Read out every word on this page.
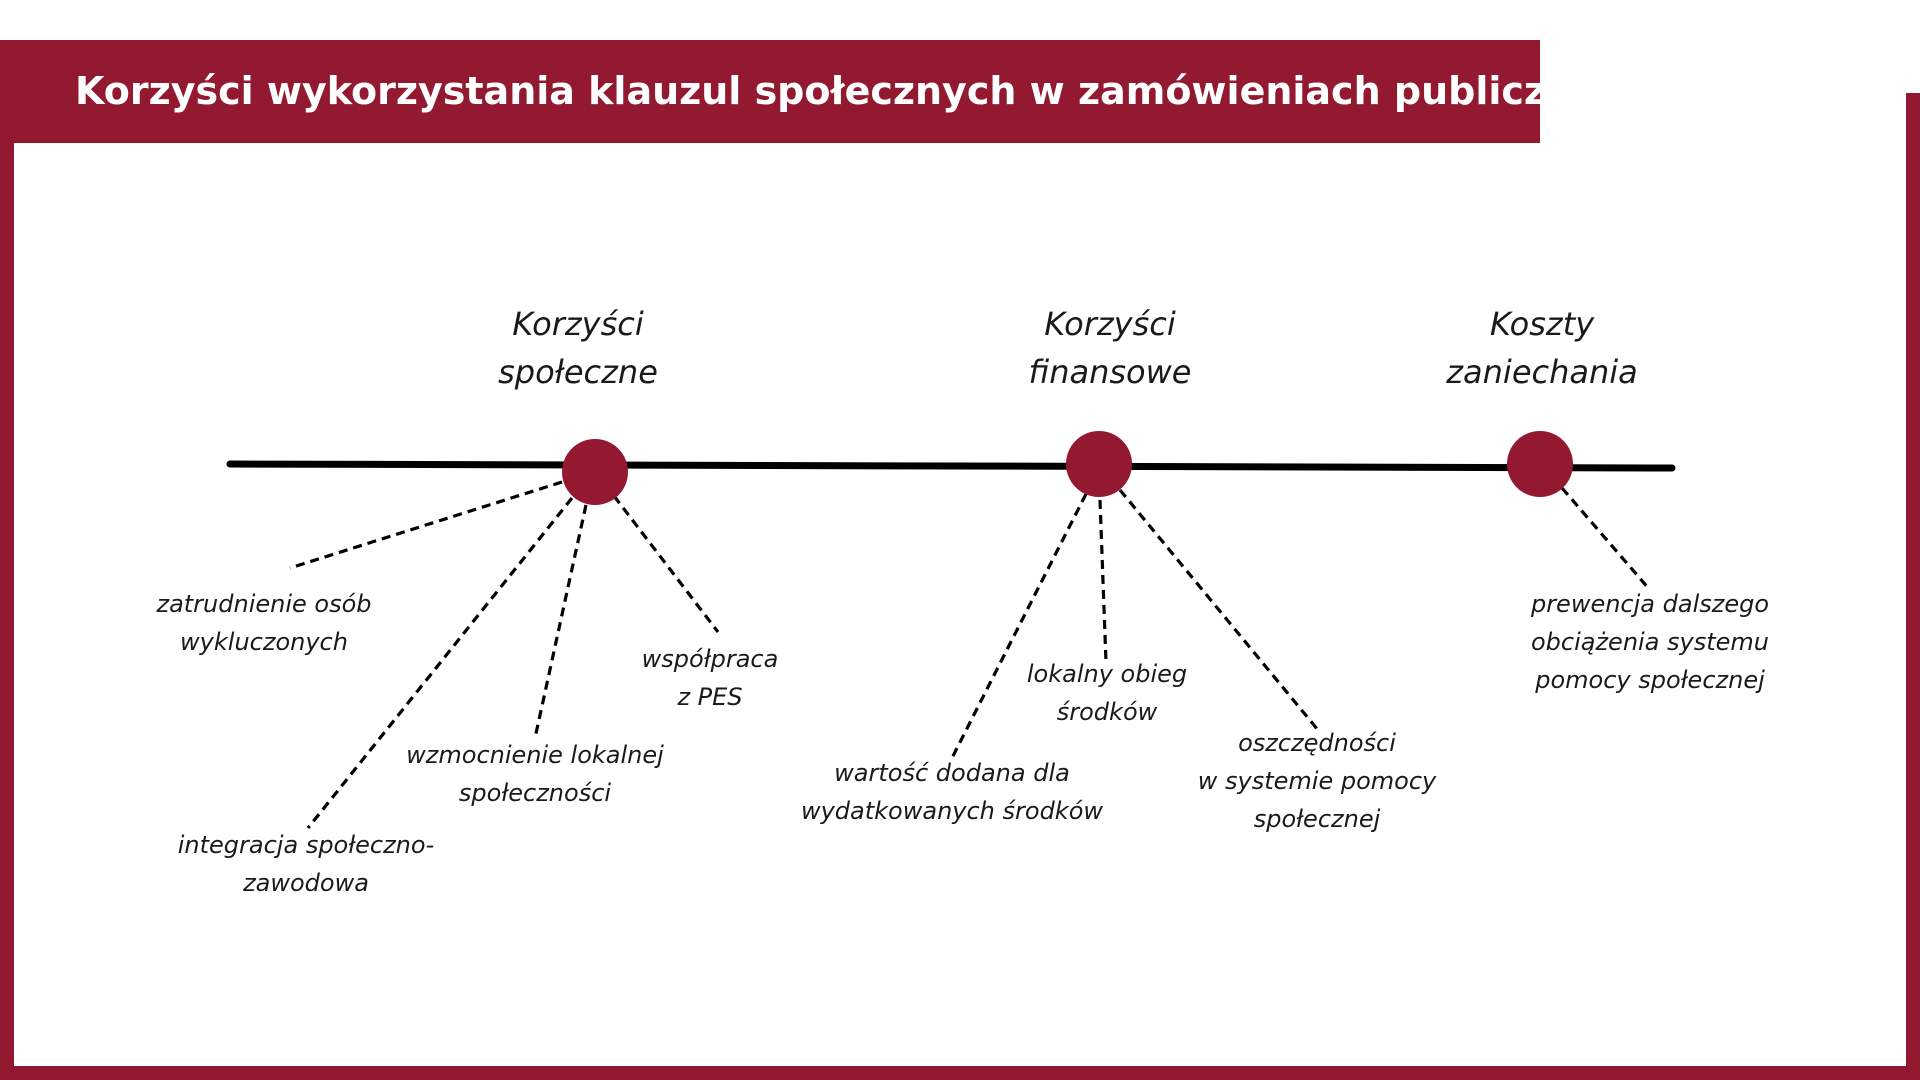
Korzyści wykorzystania klauzul społecznych w zamówieniach publicznych
Korzyści
społeczne
Korzyści
finansowe
Koszty
zaniechania
zatrudnienie osób
wykluczonych
integracja społeczno-
zawodowa
wzmocnienie lokalnej
społeczności
współpraca
z PES
wartość dodana dla
wydatkowanych środków
lokalny obieg
środków
oszczędności
w systemie pomocy
społecznej
prewencja dalszego
obciążenia systemu
pomocy społecznej
